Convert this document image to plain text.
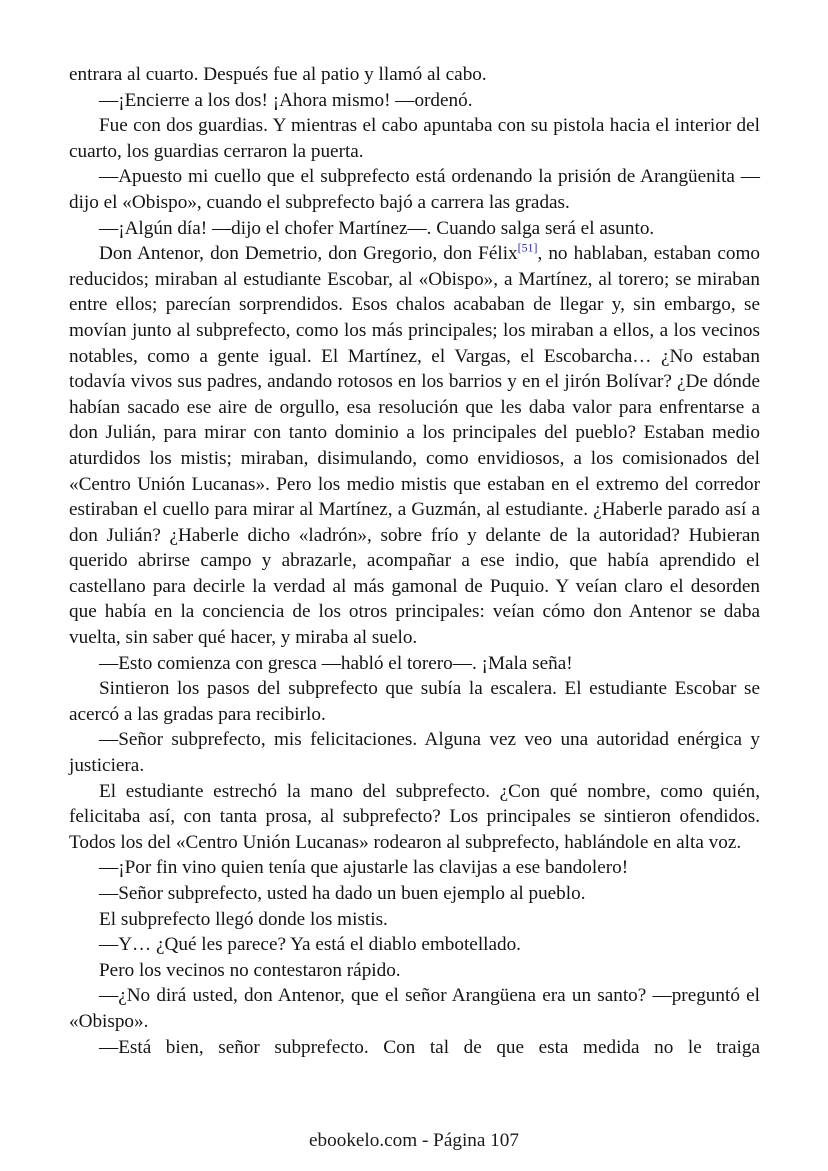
entrara al cuarto. Después fue al patio y llamó al cabo.

—¡Encierre a los dos! ¡Ahora mismo! —ordenó.

Fue con dos guardias. Y mientras el cabo apuntaba con su pistola hacia el interior del cuarto, los guardias cerraron la puerta.

—Apuesto mi cuello que el subprefecto está ordenando la prisión de Arangüenita —dijo el «Obispo», cuando el subprefecto bajó a carrera las gradas.

—¡Algún día! —dijo el chofer Martínez—. Cuando salga será el asunto.

Don Antenor, don Demetrio, don Gregorio, don Félix[51], no hablaban, estaban como reducidos; miraban al estudiante Escobar, al «Obispo», a Martínez, al torero; se miraban entre ellos; parecían sorprendidos. Esos chalos acababan de llegar y, sin embargo, se movían junto al subprefecto, como los más principales; los miraban a ellos, a los vecinos notables, como a gente igual. El Martínez, el Vargas, el Escobarcha… ¿No estaban todavía vivos sus padres, andando rotosos en los barrios y en el jirón Bolívar? ¿De dónde habían sacado ese aire de orgullo, esa resolución que les daba valor para enfrentarse a don Julián, para mirar con tanto dominio a los principales del pueblo? Estaban medio aturdidos los mistis; miraban, disimulando, como envidiosos, a los comisionados del «Centro Unión Lucanas». Pero los medio mistis que estaban en el extremo del corredor estiraban el cuello para mirar al Martínez, a Guzmán, al estudiante. ¿Haberle parado así a don Julián? ¿Haberle dicho «ladrón», sobre frío y delante de la autoridad? Hubieran querido abrirse campo y abrazarle, acompañar a ese indio, que había aprendido el castellano para decirle la verdad al más gamonal de Puquio. Y veían claro el desorden que había en la conciencia de los otros principales: veían cómo don Antenor se daba vuelta, sin saber qué hacer, y miraba al suelo.

—Esto comienza con gresca —habló el torero—. ¡Mala seña!

Sintieron los pasos del subprefecto que subía la escalera. El estudiante Escobar se acercó a las gradas para recibirlo.

—Señor subprefecto, mis felicitaciones. Alguna vez veo una autoridad enérgica y justiciera.

El estudiante estrechó la mano del subprefecto. ¿Con qué nombre, como quién, felicitaba así, con tanta prosa, al subprefecto? Los principales se sintieron ofendidos. Todos los del «Centro Unión Lucanas» rodearon al subprefecto, hablándole en alta voz.

—¡Por fin vino quien tenía que ajustarle las clavijas a ese bandolero!

—Señor subprefecto, usted ha dado un buen ejemplo al pueblo.

El subprefecto llegó donde los mistis.

—Y… ¿Qué les parece? Ya está el diablo embotellado.

Pero los vecinos no contestaron rápido.

—¿No dirá usted, don Antenor, que el señor Arangüena era un santo? —preguntó el «Obispo».

—Está bien, señor subprefecto. Con tal de que esta medida no le traiga

ebookelo.com - Página 107
